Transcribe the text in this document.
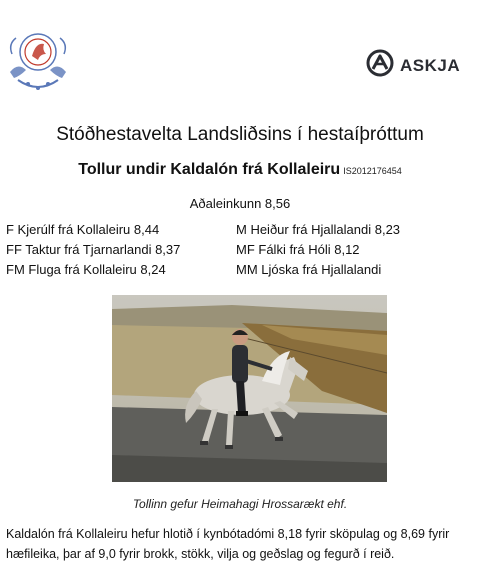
ASKJA
Stóðhestavelta Landsliðsins í hestaíþróttum
Tollur undir Kaldalón frá Kollaleiru IS2012176454
Aðaleinkunn 8,56
F Kjerúlf frá Kollaleiru 8,44
FF Taktur frá Tjarnarlandi 8,37
FM Fluga frá Kollaleiru 8,24
M Heiður frá Hjallalandi 8,23
MF Fálki frá Hóli 8,12
MM Ljóska frá Hjallalandi
Tollinn gefur Heimahagi Hrossarækt ehf.
Kaldalón frá Kollaleiru hefur hlotið í kynbótadómi 8,18 fyrir sköpulag og 8,69 fyrir hæfileika, þar af 9,0 fyrir brokk, stökk, vilja og geðslag og fegurð í reið.
